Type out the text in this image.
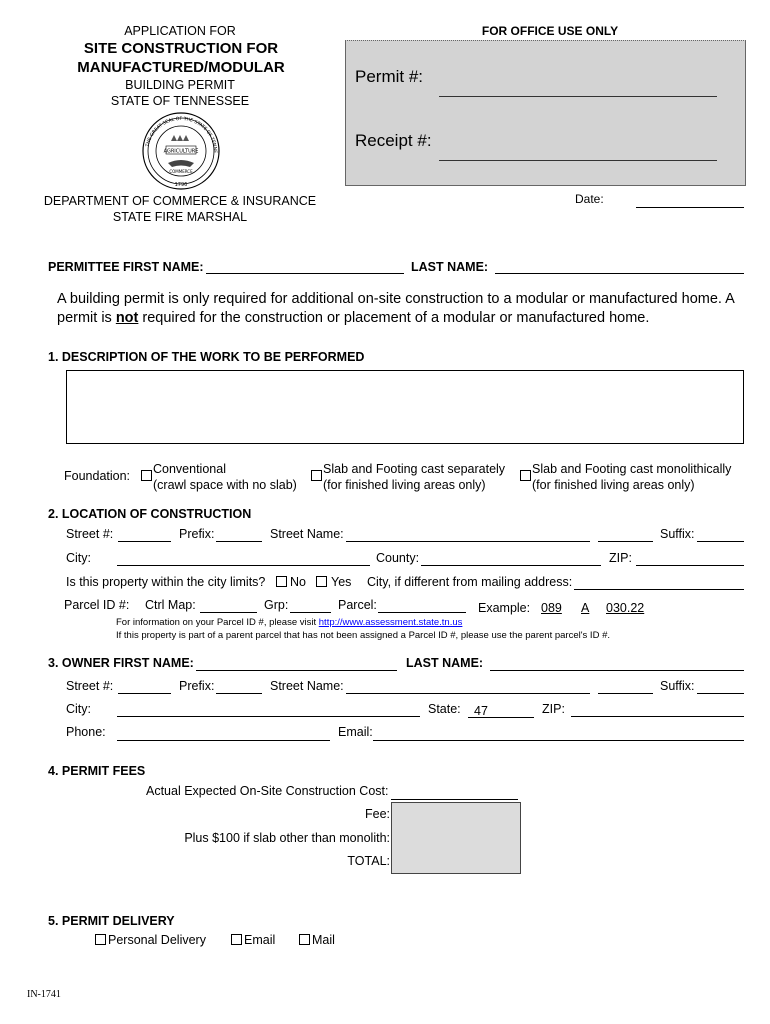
APPLICATION FOR
SITE CONSTRUCTION FOR
MANUFACTURED/MODULAR
BUILDING PERMIT
STATE OF TENNESSEE
AGRICULTURE
COMMERCE
1796
THE GREAT SEAL OF THE STATE OF TENNE
DEPARTMENT OF COMMERCE & INSURANCE
STATE FIRE MARSHAL
FOR OFFICE USE ONLY
Permit #:
Receipt #:
Date:
PERMITTEE FIRST NAME:	LAST NAME:
A building permit is only required for additional on-site construction to a modular or manufactured home. A permit is not required for the construction or placement of a modular or manufactured home.
1. DESCRIPTION OF THE WORK TO BE PERFORMED
Foundation: Conventional
(crawl space with no slab)
Slab and Footing cast separately
(for finished living areas only)
Slab and Footing cast monolithically
(for finished living areas only)
2. LOCATION OF CONSTRUCTION
Street #:	Prefix:	Street Name:	Suffix:
City:	County:	ZIP:
Is this property within the city limits? No Yes City, if different from mailing address:
Parcel ID #: Ctrl Map:	Grp:	Parcel:	Example: 089 A 030.22
For information on your Parcel ID #, please visit http://www.assessment.state.tn.us
If this property is part of a parent parcel that has not been assigned a Parcel ID #, please use the parent parcel's ID #.
3. OWNER FIRST NAME:	LAST NAME:
Street #:	Prefix:	Street Name:	Suffix:
City:	State: 47	ZIP:
Phone:	Email:
4. PERMIT FEES
Actual Expected On-Site Construction Cost:
Fee:
Plus $100 if slab other than monolith:
TOTAL:
5. PERMIT DELIVERY
Personal Delivery	Email	Mail
IN-1741
